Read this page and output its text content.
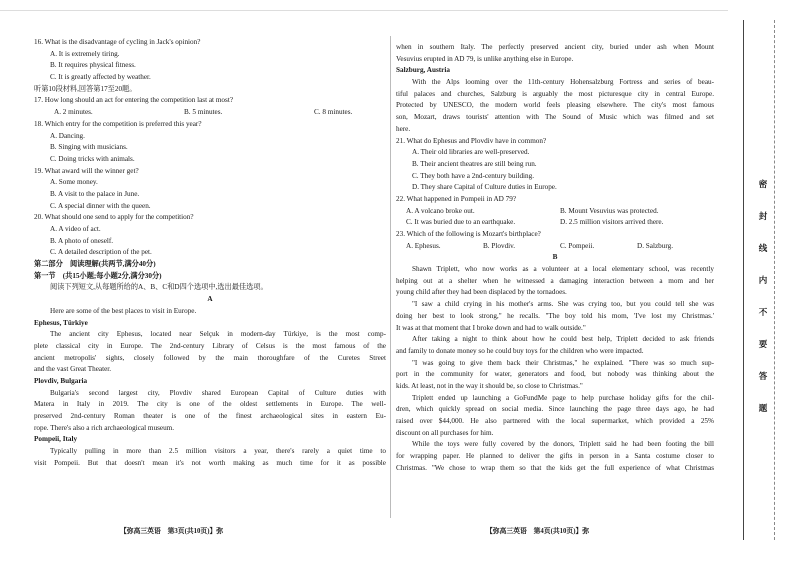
16. What is the disadvantage of cycling in Jack's opinion?
A. It is extremely tiring.
B. It requires physical fitness.
C. It is greatly affected by weather.
听第10段材料,回答第17至20题。
17. How long should an act for entering the competition last at most?
A. 2 minutes.	B. 5 minutes.	C. 8 minutes.
18. Which entry for the competition is preferred this year?
A. Dancing.
B. Singing with musicians.
C. Doing tricks with animals.
19. What award will the winner get?
A. Some money.
B. A visit to the palace in June.
C. A special dinner with the queen.
20. What should one send to apply for the competition?
A. A video of act.
B. A photo of oneself.
C. A detailed description of the pet.
第二部分　阅读理解(共两节,满分40分)
第一节　(共15小题;每小题2分,满分30分)
阅读下列短文,从每题所给的A、B、C和D四个选项中,选出最佳选项。
A
Here are some of the best places to visit in Europe.
Ephesus, Türkiye
The ancient city Ephesus, located near Selçuk in modern-day Türkiye, is the most comp-
plete classical city in Europe. The 2nd-century Library of Celsus is the most famous of the
ancient metropolis' sights, closely followed by the main thoroughfare of the Curetes Street
and the vast Great Theater.
Plovdiv, Bulgaria
Bulgaria's second largest city, Plovdiv shared European Capital of Culture duties with
Matera in Italy in 2019. The city is one of the oldest settlements in Europe. The well-
preserved 2nd-century Roman theater is one of the finest archaeological sites in eastern Eu-
rope. There's also a rich archaeological museum.
Pompeii, Italy
Typically pulling in more than 2.5 million visitors a year, there's rarely a quiet time to
visit Pompeii. But that doesn't mean it's not worth making as much time for it as possible
when in southern Italy. The perfectly preserved ancient city, buried under ash when Mount
Vesuvius erupted in AD 79, is unlike anything else in Europe.
Salzburg, Austria
With the Alps looming over the 11th-century Hohensalzburg Fortress and series of beau-
tiful palaces and churches, Salzburg is arguably the most picturesque city in central Europe.
Protected by UNESCO, the modern world feels pleasing elsewhere. The city's most famous
son, Mozart, draws tourists' attention with The Sound of Music which was filmed and set
here.
21. What do Ephesus and Plovdiv have in common?
A. Their old libraries are well-preserved.
B. Their ancient theatres are still being run.
C. They both have a 2nd-century building.
D. They share Capital of Culture duties in Europe.
22. What happened in Pompeii in AD 79?
A. A volcano broke out.	B. Mount Vesuvius was protected.
C. It was buried due to an earthquake.	D. 2.5 million visitors arrived there.
23. Which of the following is Mozart's birthplace?
A. Ephesus.	B. Plovdiv.	C. Pompeii.	D. Salzburg.
B
Shawn Triplett, who now works as a volunteer at a local elementary school, was recently
helping out at a shelter when he witnessed a damaging interaction between a mom and her
young child after they had been displaced by the tornadoes.
"I saw a child crying in his mother's arms. She was crying too, but you could tell she was
doing her best to look strong," he recalls. "The boy told his mom, 'I've lost my Christmas.'
It was at that moment that I broke down and had to walk outside."
After taking a night to think about how he could best help, Triplett decided to ask friends
and family to donate money so he could buy toys for the children who were impacted.
"I was going to give them back their Christmas," he explained. "There was so much sup-
port in the community for water, generators and food, but nobody was thinking about the
kids. At least, not in the way it should be, so close to Christmas."
Triplett ended up launching a GoFundMe page to help purchase holiday gifts for the chil-
dren, which quickly spread on social media. Since launching the page three days ago, he had
raised over $44,000. He also partnered with the local supermarket, which provided a 25%
discount on all purchases for him.
While the toys were fully covered by the donors, Triplett said he had been footing the bill
for wrapping paper. He planned to deliver the gifts in person in a Santa costume closer to
Christmas. "We chose to wrap them so that the kids get the full experience of what Christmas
【弥高三英语　第3页(共10页)】弥	【弥高三英语　第4页(共10页)】弥
密
封
线
内
不
要
答
题
